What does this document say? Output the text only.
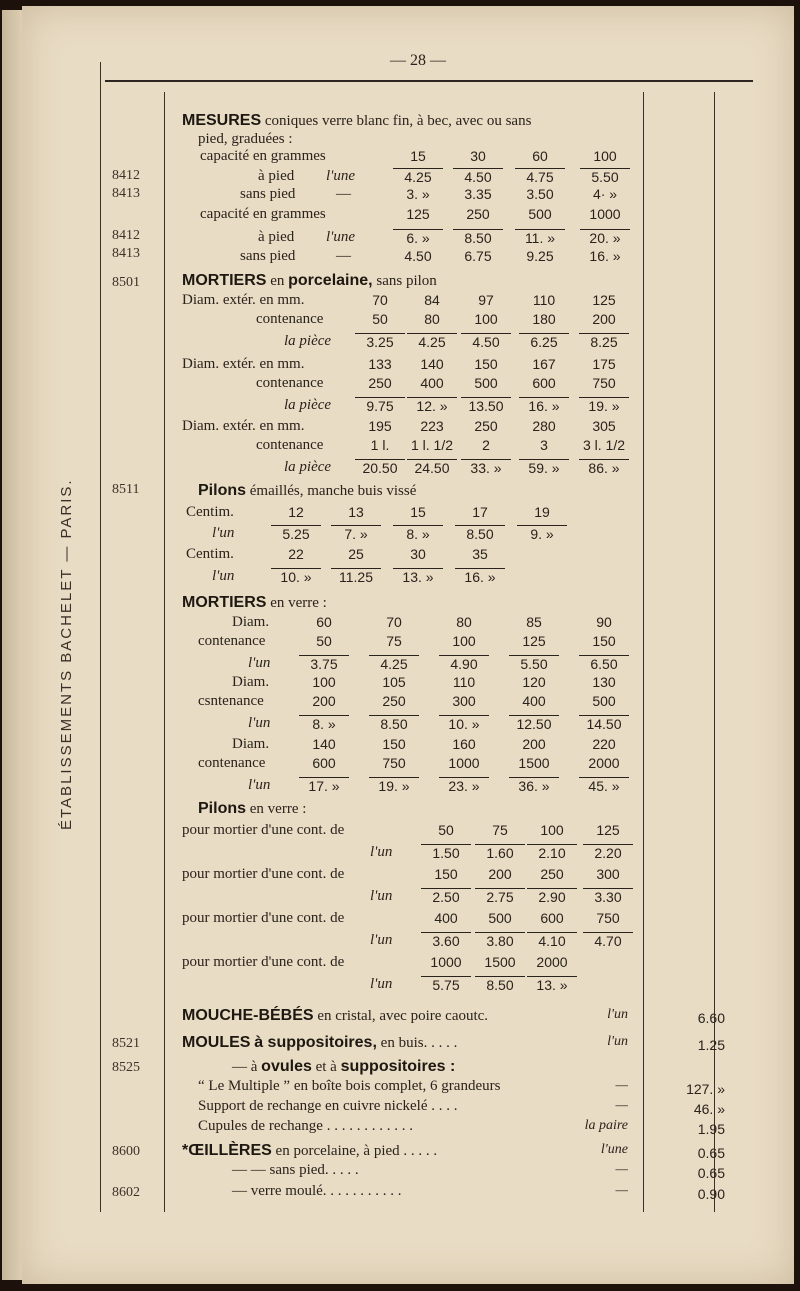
— 28 —
ÉTABLISSEMENTS BACHELET — PARIS.
MESURES coniques verre blanc fin, à bec, avec ou sans
pied, graduées :
capacité en grammes	15	30	60	100
8412	à pied l'une	4.25	4.50	4.75	5.50
8413	sans pied	—	3. »	3.35	3.50	4· »
capacité en grammes	125	250	500	1000
8412	à pied l'une	6. »	8.50	11. »	20. »
8413	sans pied	—	4.50	6.75	9.25	16. »
8501	MORTIERS en porcelaine, sans pilon
Diam. extér. en mm.	70	84	97	110	125
contenance	50	80	100	180	200
la pièce	3.25	4.25	4.50	6.25	8.25
Diam. extér. en mm.	133	140	150	167	175
contenance	250	400	500	600	750
la pièce	9.75	12. »	13.50	16. »	19. »
Diam. extér. en mm.	195	223	250	280	305
contenance	1 l.	1 l. 1/2	2	3	3 l. 1/2
la pièce	20.50	24.50	33. »	59. »	86. »
8511	Pilons émaillés, manche buis vissé
Centim.	12	13	15	17	19
l'un	5.25	7. »	8. »	8.50	9. »
Centim.	22	25	30	35
l'un	10. »	11.25	13. »	16. »
MORTIERS en verre :
Diam.	60	70	80	85	90
contenance	50	75	100	125	150
l'un	3.75	4.25	4.90	5.50	6.50
Diam.	100	105	110	120	130
csntenance	200	250	300	400	500
l'un	8. »	8.50	10. »	12.50	14.50
Diam.	140	150	160	200	220
contenance	600	750	1000	1500	2000
l'un	17. »	19. »	23. »	36. »	45. »
Pilons en verre :
pour mortier d'une cont. de	50	75	100	125
l'un	1.50	1.60	2.10	2.20
pour mortier d'une cont. de	150	200	250	300
l'un	2.50	2.75	2.90	3.30
pour mortier d'une cont. de	400	500	600	750
l'un	3.60	3.80	4.10	4.70
pour mortier d'une cont. de	1000	1500	2000
l'un	5.75	8.50	13. »
MOUCHE-BÉBÉS en cristal, avec poire caoutc.	l'un	6.60
8521	MOULES à suppositoires, en buis. . . . .	l'un	1.25
8525	— à ovules et à suppositoires :
“ Le Multiple ” en boîte bois complet, 6 grandeurs	—	127. »
Support de rechange en cuivre nickelé . . . .	—	46. »
Cupules de rechange . . . . . . . . . . . .	la paire	1.95
8600	*ŒILLÈRES en porcelaine, à pied . . . . .	l'une	0.65
— — sans pied. . . . .	—	0.65
8602	— verre moulé. . . . . . . . . . .	—	0.90
